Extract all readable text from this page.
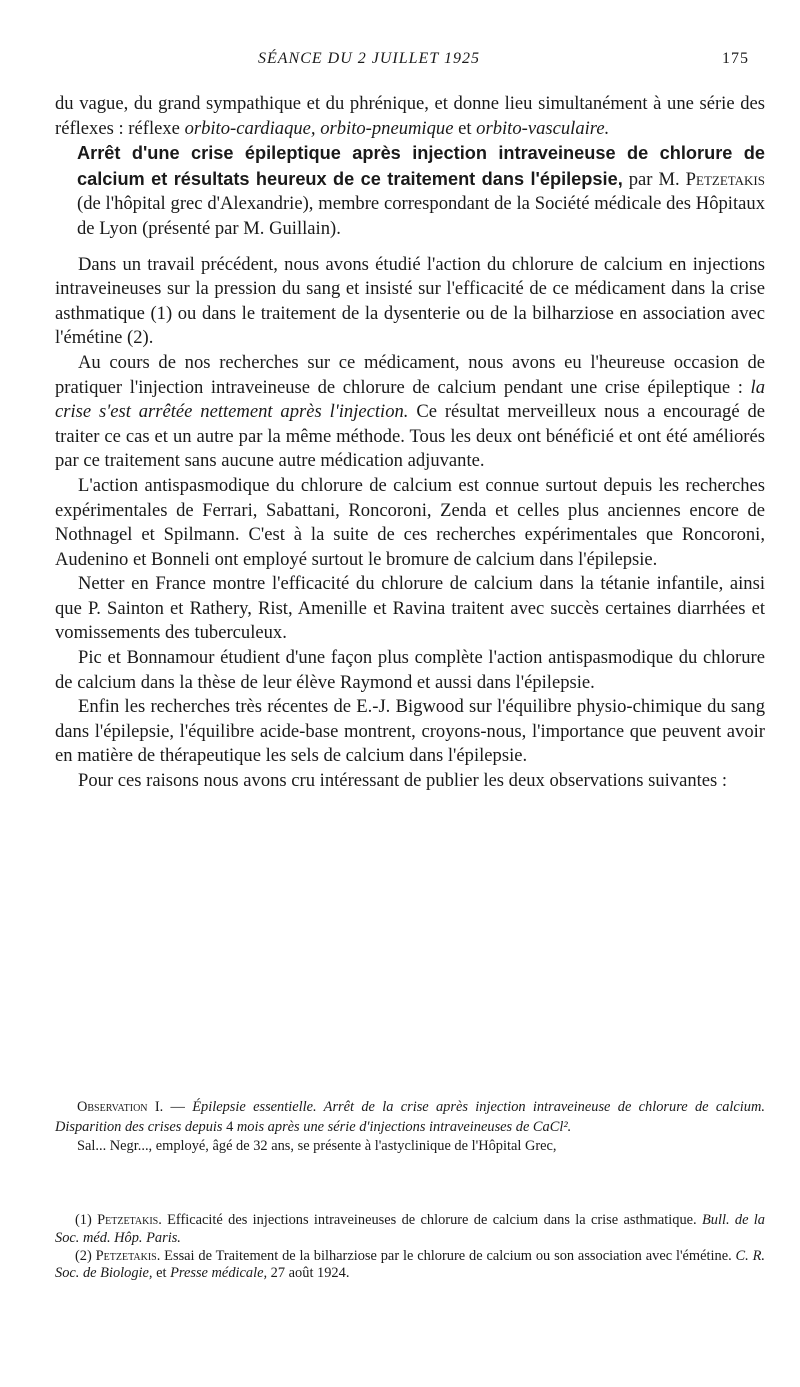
SÉANCE DU 2 JUILLET 1925	175

du vague, du grand sympathique et du phrénique, et donne lieu simultanément à une série des réflexes : réflexe orbito-cardiaque, orbito-pneumique et orbito-vasculaire.

Arrêt d'une crise épileptique après injection intraveineuse de chlorure de calcium et résultats heureux de ce traitement dans l'épilepsie, par M. Petzetakis (de l'hôpital grec d'Alexandrie), membre correspondant de la Société médicale des Hôpitaux de Lyon (présenté par M. Guillain).

Dans un travail précédent, nous avons étudié l'action du chlorure de calcium en injections intraveineuses sur la pression du sang et insisté sur l'efficacité de ce médicament dans la crise asthmatique (1) ou dans le traitement de la dysenterie ou de la bilharziose en association avec l'émétine (2).

Au cours de nos recherches sur ce médicament, nous avons eu l'heureuse occasion de pratiquer l'injection intraveineuse de chlorure de calcium pendant une crise épileptique : la crise s'est arrêtée nettement après l'injection. Ce résultat merveilleux nous a encouragé de traiter ce cas et un autre par la même méthode. Tous les deux ont bénéficié et ont été améliorés par ce traitement sans aucune autre médication adjuvante.

L'action antispasmodique du chlorure de calcium est connue surtout depuis les recherches expérimentales de Ferrari, Sabattani, Roncoroni, Zenda et celles plus anciennes encore de Nothnagel et Spilmann. C'est à la suite de ces recherches expérimentales que Roncoroni, Audenino et Bonneli ont employé surtout le bromure de calcium dans l'épilepsie.

Netter en France montre l'efficacité du chlorure de calcium dans la tétanie infantile, ainsi que P. Sainton et Rathery, Rist, Amenille et Ravina traitent avec succès certaines diarrhées et vomissements des tuberculeux.

Pic et Bonnamour étudient d'une façon plus complète l'action antispasmodique du chlorure de calcium dans la thèse de leur élève Raymond et aussi dans l'épilepsie.

Enfin les recherches très récentes de E.-J. Bigwood sur l'équilibre physio-chimique du sang dans l'épilepsie, l'équilibre acide-base montrent, croyons-nous, l'importance que peuvent avoir en matière de thérapeutique les sels de calcium dans l'épilepsie.

Pour ces raisons nous avons cru intéressant de publier les deux observations suivantes :

Observation I. — Épilepsie essentielle. Arrêt de la crise après injection intraveineuse de chlorure de calcium. Disparition des crises depuis 4 mois après une série d'injections intraveineuses de CaCl².

Sal... Negr..., employé, âgé de 32 ans, se présente à l'astyclinique de l'Hôpital Grec,

(1) Petzetakis. Efficacité des injections intraveineuses de chlorure de calcium dans la crise asthmatique. Bull. de la Soc. méd. Hôp. Paris.

(2) Petzetakis. Essai de Traitement de la bilharziose par le chlorure de calcium ou son association avec l'émétine. C. R. Soc. de Biologie, et Presse médicale, 27 août 1924.
